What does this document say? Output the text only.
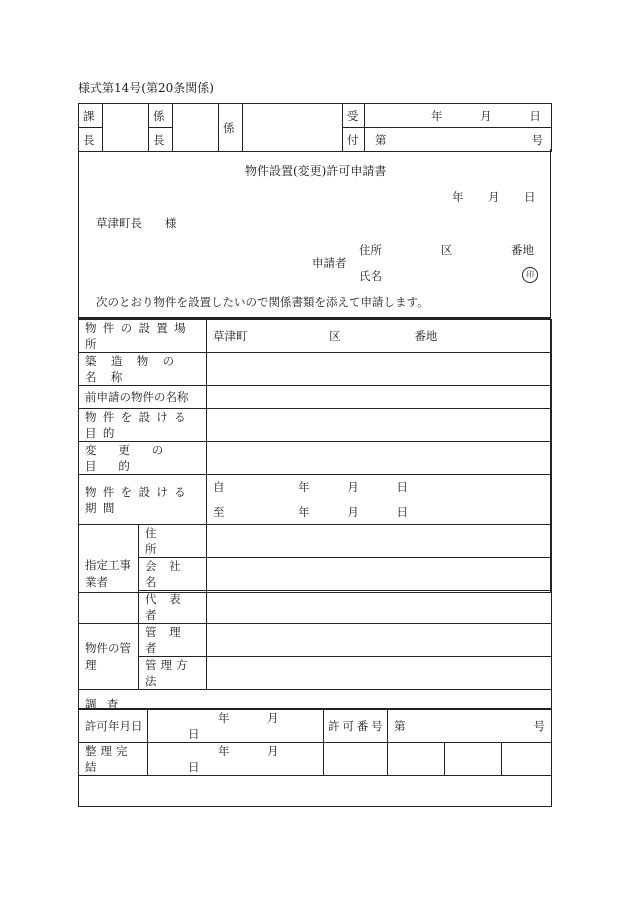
様式第14号(第20条関係)
課		係		係		受	年 月 日
長		長				付	第 号
物件設置(変更)許可申請書
年 月 日
草津町長　　様
住所	区	番地
申請者
氏名	印
次のとおり物件を設置したいので関係書類を添えて申請します。
物件の設置場所		草津町 区 番地
築造物の名称		
前申請の物件の名称		
物件を設ける目的		
変更の目的		
物件を設ける期間		自 年 月 日
至 年 月 日

指定工事業者	住所	
	会社名	
	代表者	
物件の管理	管理者	
	管理方法	
調査		
許可年月日	年 月 日	許可番号	第 号		

整理完結	年 月 日				
